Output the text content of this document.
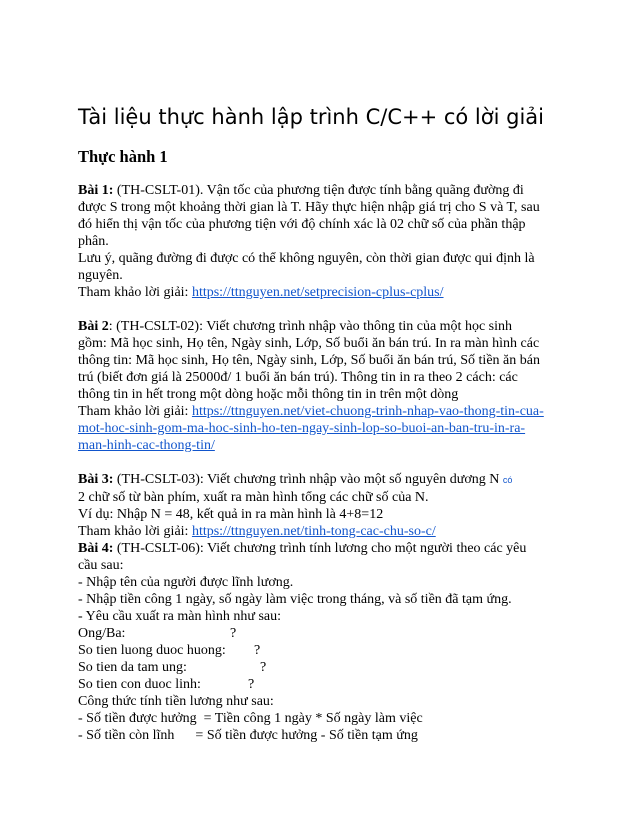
Tài liệu thực hành lập trình C/C++ có lời giải
Thực hành 1

Bài 1: (TH-CSLT-01). Vận tốc của phương tiện được tính bằng quãng đường đi

được S trong một khoảng thời gian là T. Hãy thực hiện nhập giá trị cho S và T, sau

đó hiển thị vận tốc của phương tiện với độ chính xác là 02 chữ số của phần thập

phân.

Lưu ý, quãng đường đi được có thể không nguyên, còn thời gian được qui định là

nguyên.

Tham khảo lời giải: https://ttnguyen.net/setprecision-cplus-cplus/

Bài 2: (TH-CSLT-02): Viết chương trình nhập vào thông tin của một học sinh

gồm: Mã học sinh, Họ tên, Ngày sinh, Lớp, Số buổi ăn bán trú. In ra màn hình các

thông tin: Mã học sinh, Họ tên, Ngày sinh, Lớp, Số buổi ăn bán trú, Số tiền ăn bán

trú (biết đơn giá là 25000đ/ 1 buổi ăn bán trú). Thông tin in ra theo 2 cách: các

thông tin in hết trong một dòng hoặc mỗi thông tin in trên một dòng

Tham khảo lời giải: https://ttnguyen.net/viet-chuong-trinh-nhap-vao-thong-tin-cua-

mot-hoc-sinh-gom-ma-hoc-sinh-ho-ten-ngay-sinh-lop-so-buoi-an-ban-tru-in-ra-

man-hinh-cac-thong-tin/

Bài 3: (TH-CSLT-03): Viết chương trình nhập vào một số nguyên dương N có

2 chữ số từ bàn phím, xuất ra màn hình tổng các chữ số của N.

Ví dụ: Nhập N = 48, kết quả in ra màn hình là 4+8=12

Tham khảo lời giải: https://ttnguyen.net/tinh-tong-cac-chu-so-c/

Bài 4: (TH-CSLT-06): Viết chương trình tính lương cho một người theo các yêu

cầu sau:

- Nhập tên của người được lĩnh lương.

- Nhập tiền công 1 ngày, số ngày làm việc trong tháng, và số tiền đã tạm ứng.

- Yêu cầu xuất ra màn hình như sau:

Ong/Ba:	?

So tien luong duoc huong: ?

So tien da tam ung:	?

So tien con duoc linh:	?

Công thức tính tiền lương như sau:

- Số tiền được hưởng  = Tiền công 1 ngày * Số ngày làm việc

- Số tiền còn lĩnh      = Số tiền được hưởng - Số tiền tạm ứng
